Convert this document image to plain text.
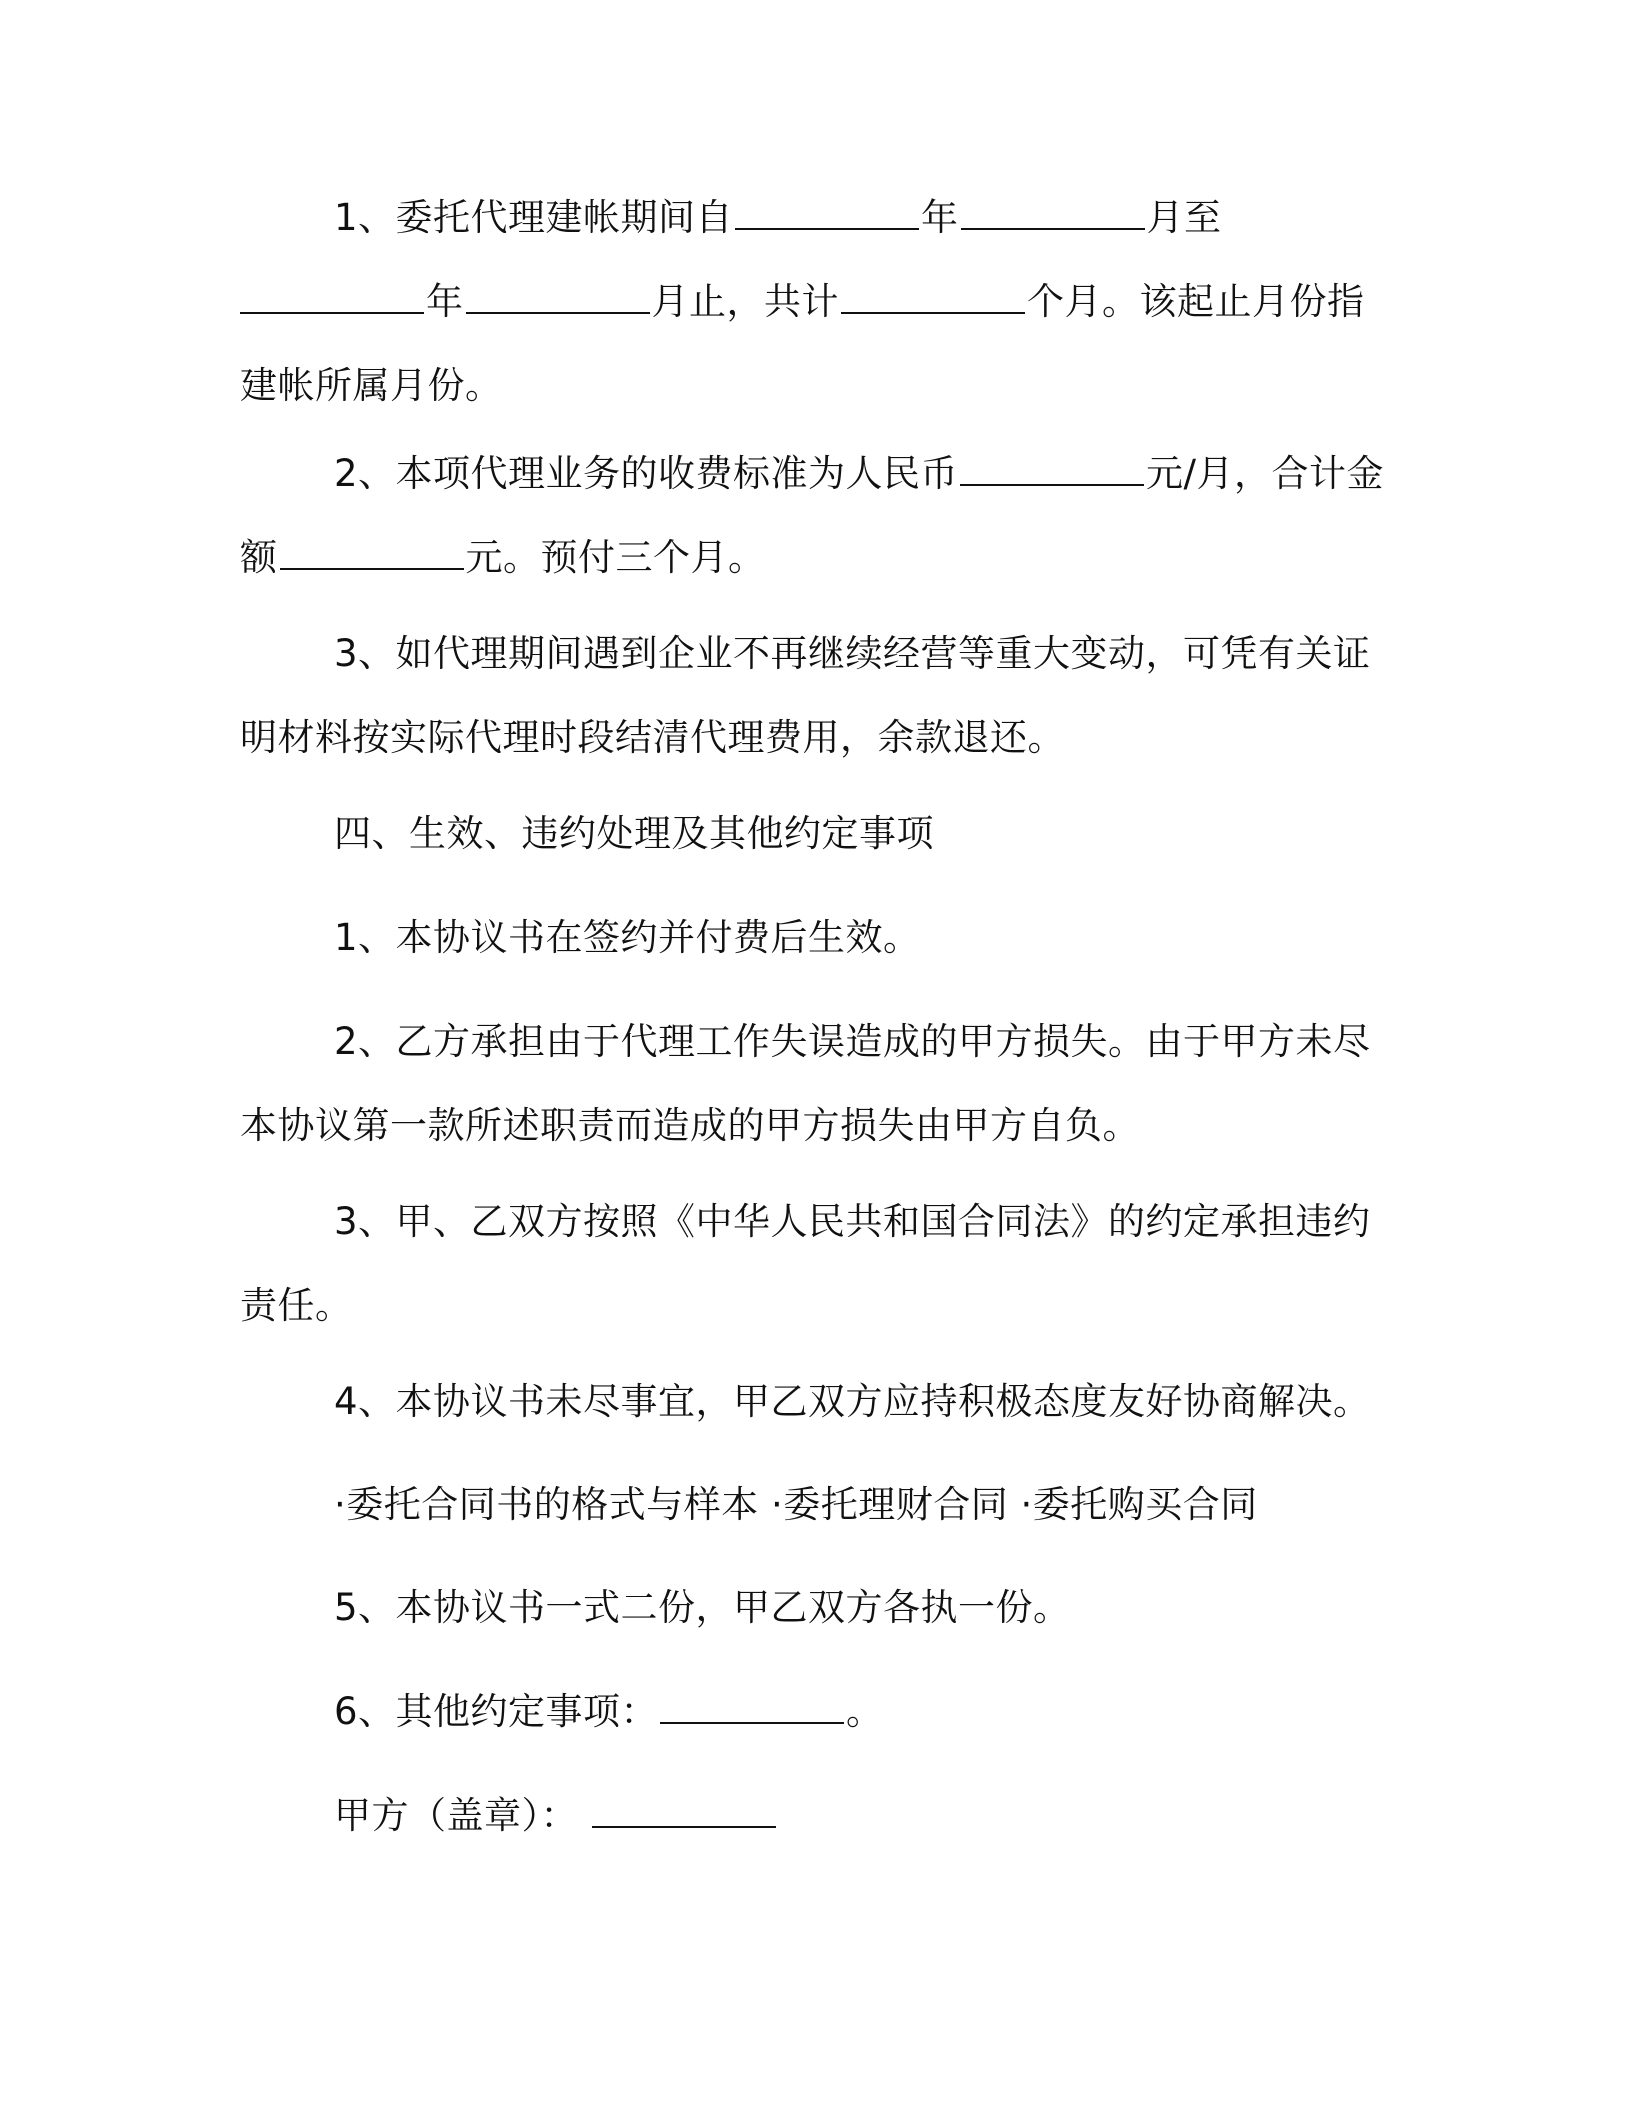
1、委托代理建帐期间自	年	月至
年	月止，共计	个月。该起止月份指
建帐所属月份。
2、本项代理业务的收费标准为人民币	元/月，合计金
额	元。预付三个月。
3、如代理期间遇到企业不再继续经营等重大变动，可凭有关证
明材料按实际代理时段结清代理费用，余款退还。
四、生效、违约处理及其他约定事项
1、本协议书在签约并付费后生效。
2、乙方承担由于代理工作失误造成的甲方损失。由于甲方未尽
本协议第一款所述职责而造成的甲方损失由甲方自负。
3、甲、乙双方按照《中华人民共和国合同法》的约定承担违约
责任。
4、本协议书未尽事宜，甲乙双方应持积极态度友好协商解决。
·委托合同书的格式与样本 ·委托理财合同 ·委托购买合同
5、本协议书一式二份，甲乙双方各执一份。
6、其他约定事项：	。
甲方（盖章）：
